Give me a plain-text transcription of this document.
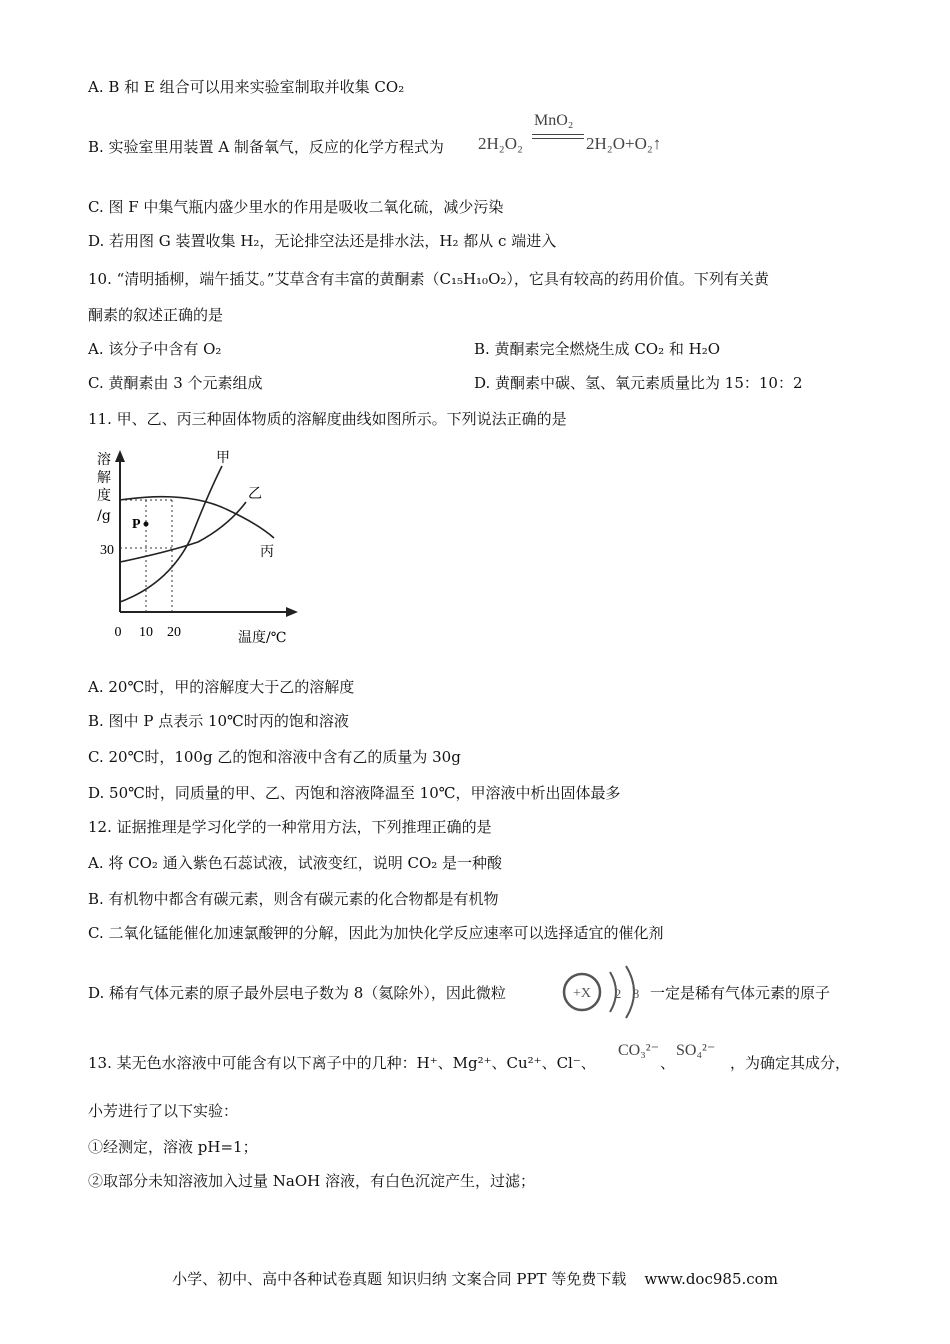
A. B 和 E 组合可以用来实验室制取并收集 CO₂
B. 实验室里用装置 A 制备氧气，反应的化学方程式为 2H₂O₂
MnO₂
2H₂O+O₂↑
C. 图 F 中集气瓶内盛少里水的作用是吸收二氧化硫，减少污染
D. 若用图 G 装置收集 H₂，无论排空法还是排水法，H₂ 都从 c 端进入
10. “清明插柳，端午插艾。”艾草含有丰富的黄酮素（C₁₅H₁₀O₂），它具有较高的药用价值。下列有关黄
酮素的叙述正确的是
A. 该分子中含有 O₂	B. 黄酮素完全燃烧生成 CO₂ 和 H₂O
C. 黄酮素由 3 个元素组成	D. 黄酮素中碳、氢、氧元素质量比为 15：10：2
11. 甲、乙、丙三种固体物质的溶解度曲线如图所示。下列说法正确的是
溶
解
度
/g
30
甲
乙
丙
P
0 10 20	温度/℃
A. 20℃时，甲的溶解度大于乙的溶解度
B. 图中 P 点表示 10℃时丙的饱和溶液
C. 20℃时，100g 乙的饱和溶液中含有乙的质量为 30g
D. 50℃时，同质量的甲、乙、丙饱和溶液降温至 10℃，甲溶液中析出固体最多
12. 证据推理是学习化学的一种常用方法，下列推理正确的是
A. 将 CO₂ 通入紫色石蕊试液，试液变红，说明 CO₂ 是一种酸
B. 有机物中都含有碳元素，则含有碳元素的化合物都是有机物
C. 二氧化锰能催化加速氯酸钾的分解，因此为加快化学反应速率可以选择适宜的催化剂
D. 稀有气体元素的原子最外层电子数为 8（氦除外），因此微粒	+X 2 8 一定是稀有气体元素的原子
13. 某无色水溶液中可能含有以下离子中的几种：H⁺、Mg²⁺、Cu²⁺、Cl⁻、
CO₃²⁻
、
SO₄²⁻
，为确定其成分，
小芳进行了以下实验：
①经测定，溶液 pH=1；
②取部分未知溶液加入过量 NaOH 溶液，有白色沉淀产生，过滤；
小学、初中、高中各种试卷真题 知识归纳 文案合同 PPT 等免费下载 www.doc985.com
